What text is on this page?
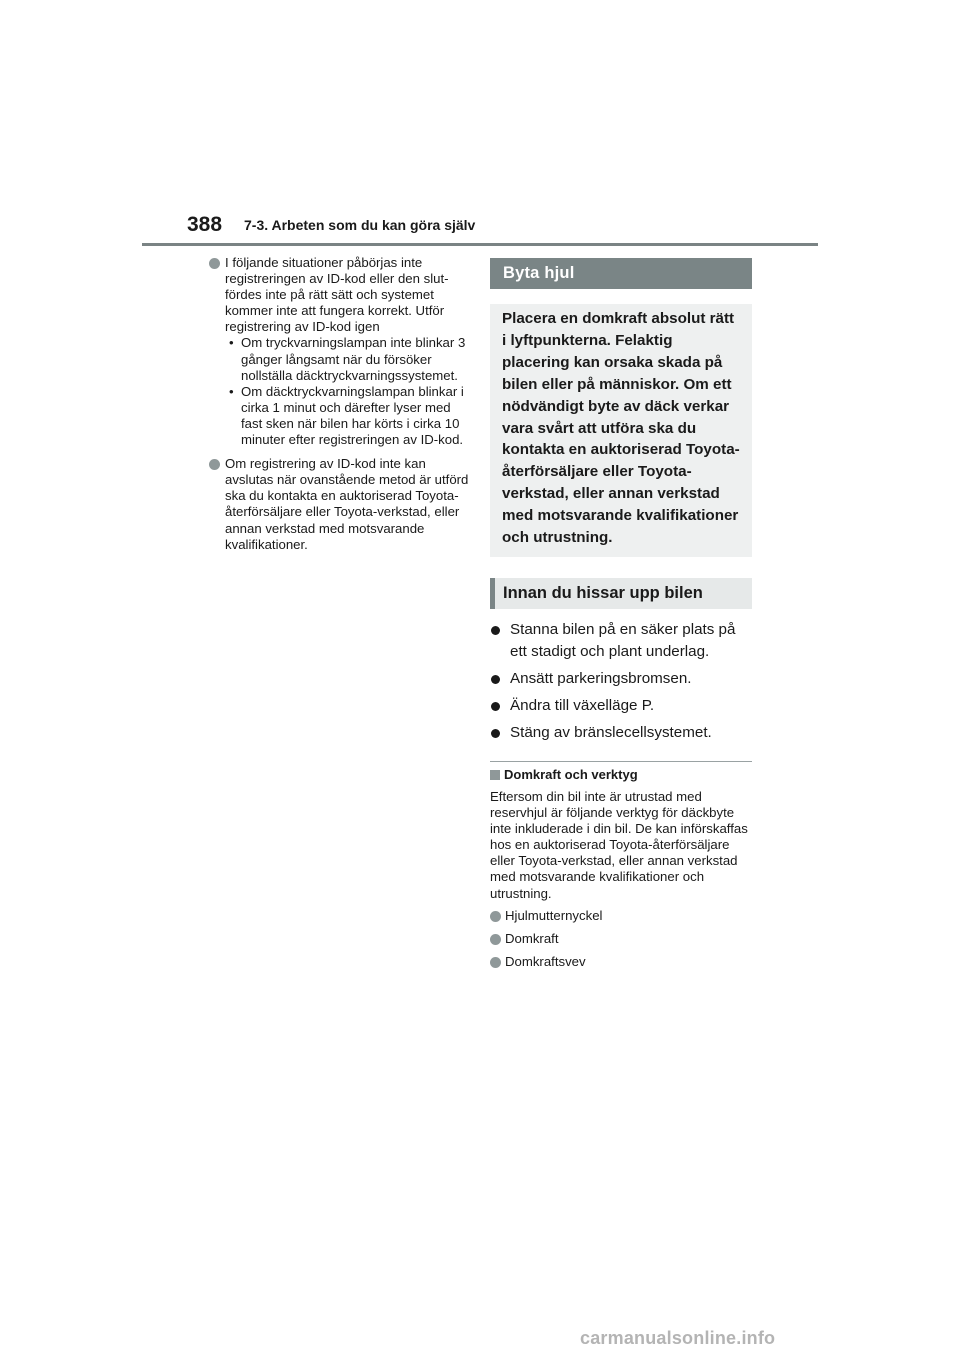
388 7-3. Arbeten som du kan göra själv
I följande situationer påbörjas inte registreringen av ID-kod eller den slutfördes inte på rätt sätt och systemet kommer inte att fungera korrekt. Utför registrering av ID-kod igen
• Om tryckvarningslampan inte blinkar 3 gånger långsamt när du försöker nollställa däcktryckvarningssystemet.
• Om däcktryckvarningslampan blinkar i cirka 1 minut och därefter lyser med fast sken när bilen har körts i cirka 10 minuter efter registreringen av ID-kod.
Om registrering av ID-kod inte kan avslutas när ovanstående metod är utförd ska du kontakta en auktoriserad Toyota-återförsäljare eller Toyota-verkstad, eller annan verkstad med motsvarande kvalifikationer.
Byta hjul
Placera en domkraft absolut rätt i lyftpunkterna. Felaktig placering kan orsaka skada på bilen eller på människor. Om ett nödvändigt byte av däck verkar vara svårt att utföra ska du kontakta en auktoriserad Toyota-återförsäljare eller Toyota-verkstad, eller annan verkstad med motsvarande kvalifikationer och utrustning.
Innan du hissar upp bilen
Stanna bilen på en säker plats på ett stadigt och plant underlag.
Ansätt parkeringsbromsen.
Ändra till växelläge P.
Stäng av bränslecellsystemet.
Domkraft och verktyg

Eftersom din bil inte är utrustad med reservhjul är följande verktyg för däckbyte inte inkluderade i din bil. De kan införskaffas hos en auktoriserad Toyota-återförsäljare eller Toyota-verkstad, eller annan verkstad med motsvarande kvalifikationer och utrustning.

Hjulmutternyckel
Domkraft
Domkraftsvev
carmanualsonline.info
